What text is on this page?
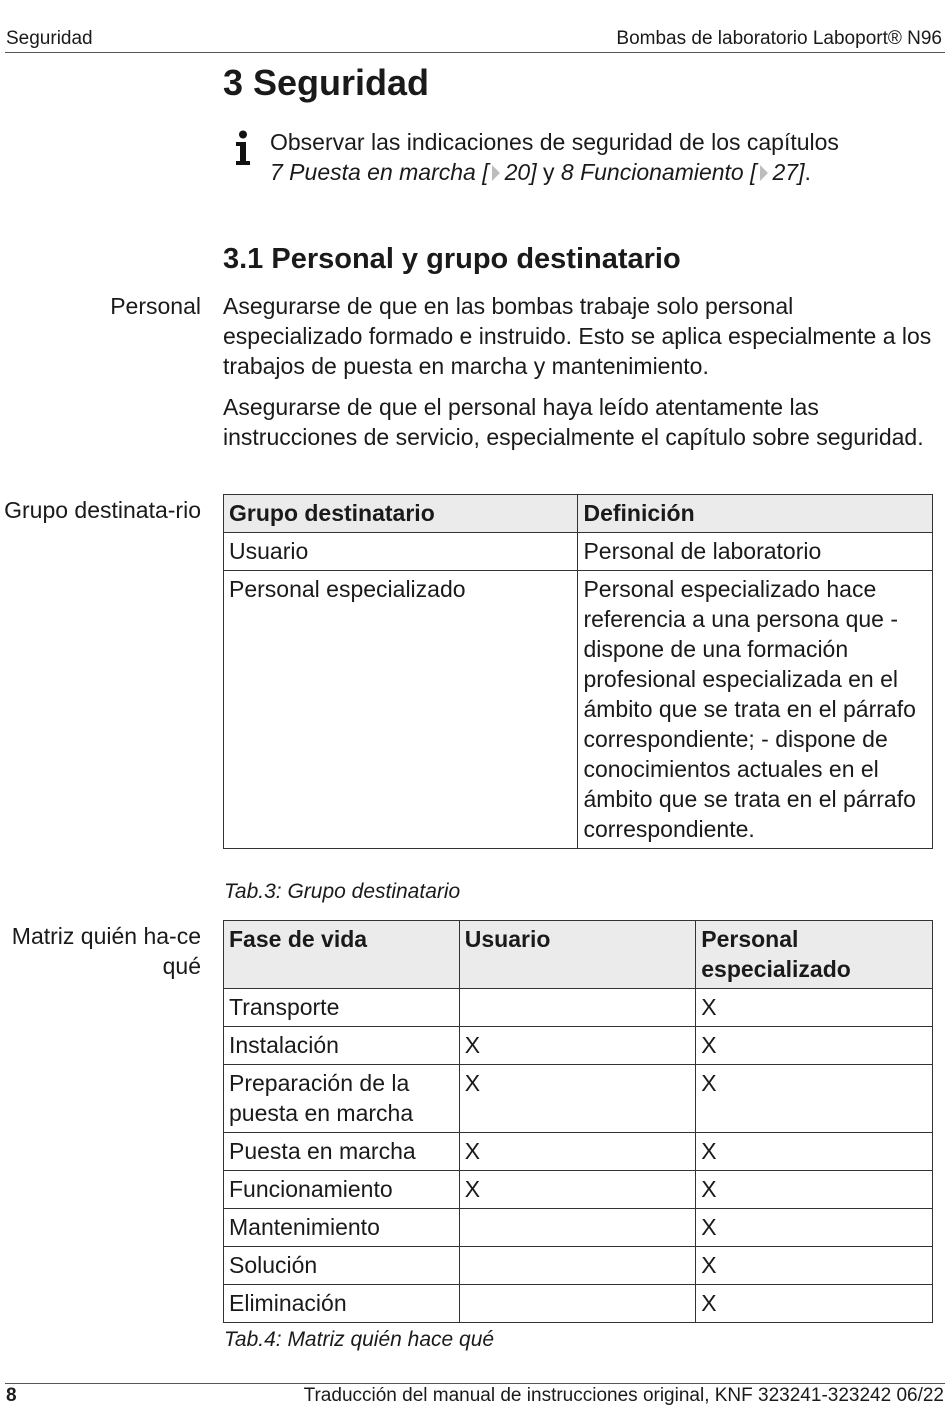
Seguridad	Bombas de laboratorio Laboport® N96
3 Seguridad
Observar las indicaciones de seguridad de los capítulos
7 Puesta en marcha [ 20] y 8 Funcionamiento [ 27].
3.1 Personal y grupo destinatario
Personal Asegurarse de que en las bombas trabaje solo personal especializado formado e instruido. Esto se aplica especialmente a los trabajos de puesta en marcha y mantenimiento.
Asegurarse de que el personal haya leído atentamente las instrucciones de servicio, especialmente el capítulo sobre seguridad.
Grupo destinata-rio Grupo destinatario	Definición
Usuario	Personal de laboratorio
Personal especializado	Personal especializado hace referencia a una persona que - dispone de una formación profesional especializada en el ámbito que se trata en el párrafo correspondiente; - dispone de conocimientos actuales en el ámbito que se trata en el párrafo correspondiente.
Tab.3: Grupo destinatario
Matriz quién ha-ce qué
Fase de vida	Usuario	Personal especializado
Transporte		X
Instalación	X	X
Preparación de la puesta en marcha	X	X
Puesta en marcha	X	X
Funcionamiento	X	X
Mantenimiento		X
Solución		X
Eliminación		X
Tab.4: Matriz quién hace qué
8	Traducción del manual de instrucciones original, KNF 323241-323242 06/22
